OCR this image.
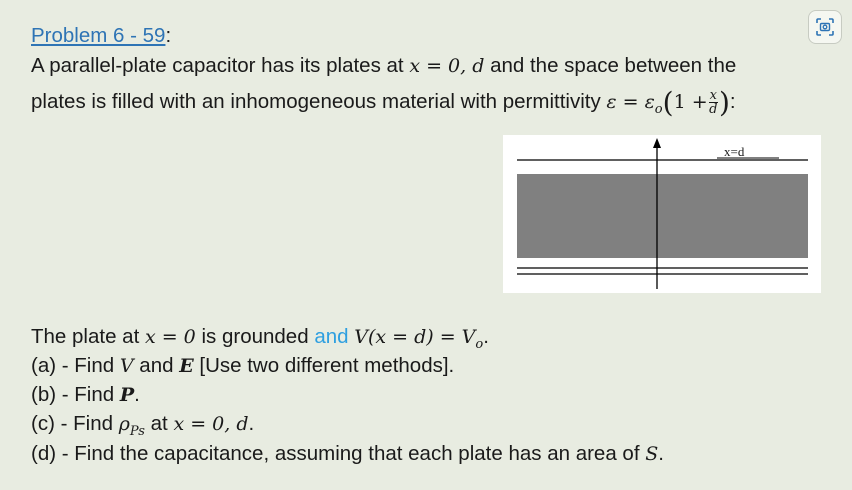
Problem 6 - 59:
A parallel-plate capacitor has its plates at x = 0, d and the space between the
plates is filled with an inhomogeneous material with permittivity $\varepsilon = \varepsilon_o(1 + \frac{x}{d}$ ):
x=d
The plate at x = 0 is grounded and $V(x = d) = V_o$.
(a) - Find V and E [Use two different methods].
(b) - Find P.
(c) - Find $\rho_{Ps}$ at x = 0, d.
(d) - Find the capacitance, assuming that each plate has an area of S.
